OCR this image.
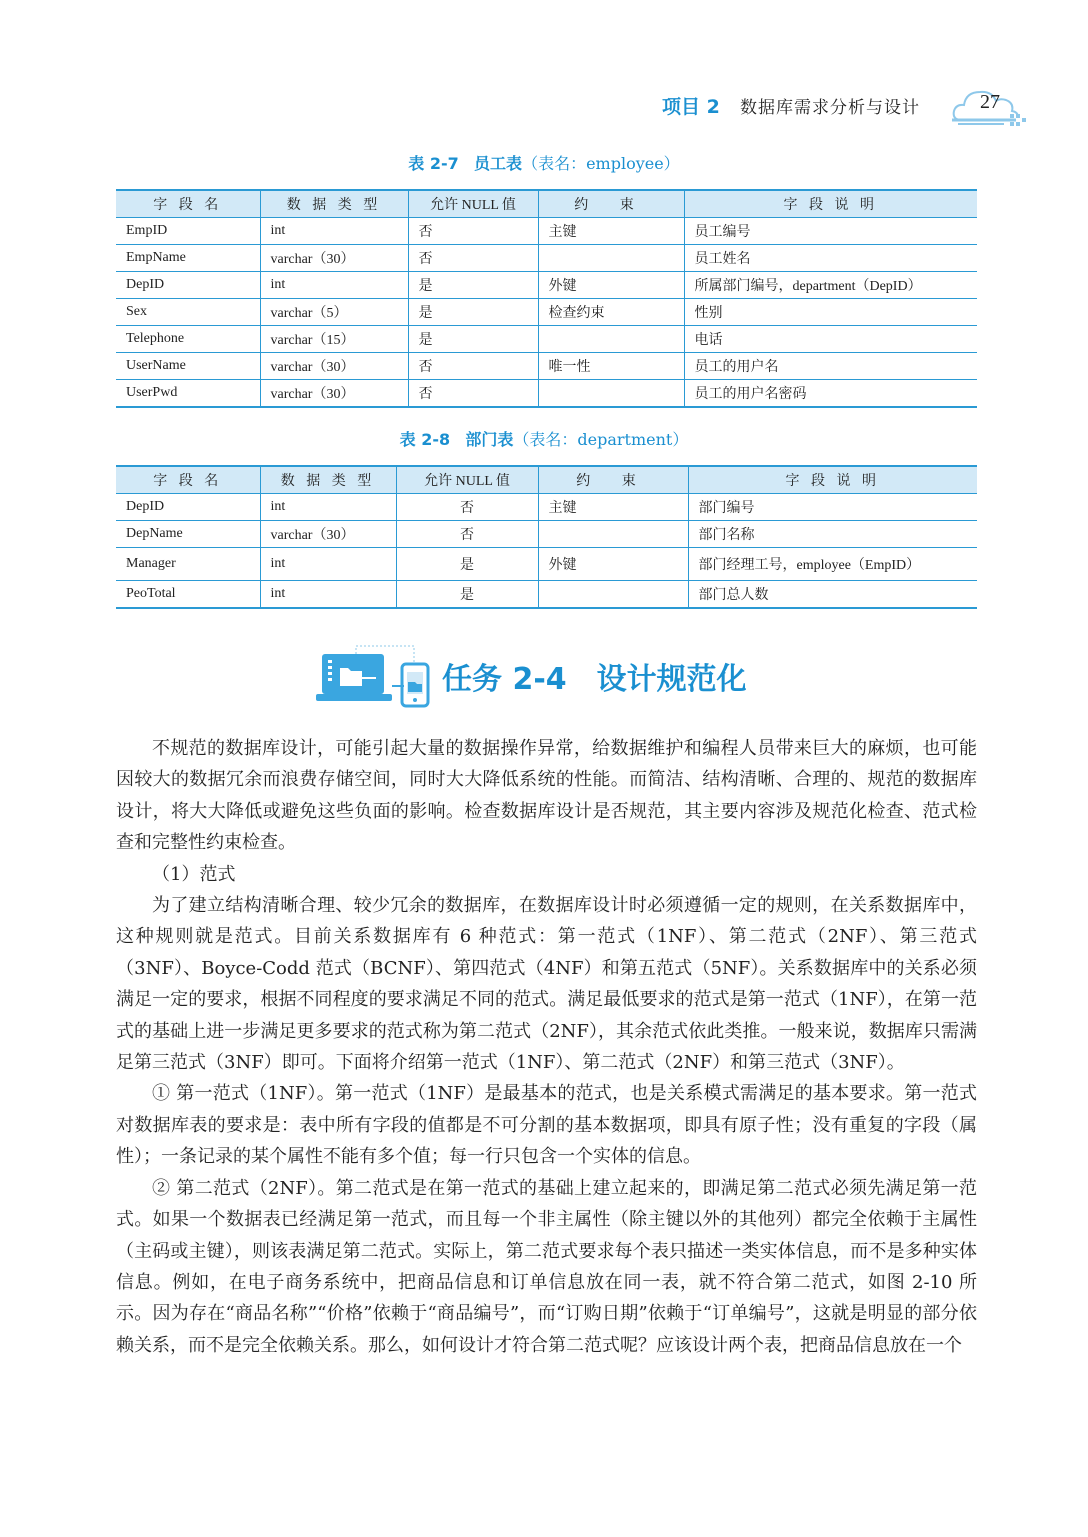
项目 2 数据库需求分析与设计	27
表 2-7 员工表（表名：employee）
字 段 名	数 据 类 型	允许 NULL 值	约 束	字 段 说 明
EmpID	int	否	主键	员工编号
EmpName	varchar（30）	否		员工姓名
DepID	int	是	外键	所属部门编号，department（DepID）
Sex	varchar（5）	是	检查约束	性别
Telephone	varchar（15）	是		电话
UserName	varchar（30）	否	唯一性	员工的用户名
UserPwd	varchar（30）	否		员工的用户名密码
表 2-8 部门表（表名：department）
字 段 名	数 据 类 型	允许 NULL 值	约 束	字 段 说 明
DepID	int	否	主键	部门编号
DepName	varchar（30）	否		部门名称
Manager	int	是	外键	部门经理工号，employee（EmpID）
PeoTotal	int	是		部门总人数
任务 2-4 设计规范化

不规范的数据库设计，可能引起大量的数据操作异常，给数据维护和编程人员带来巨大的麻烦，也可能因较大的数据冗余而浪费存储空间，同时大大降低系统的性能。而简洁、结构清晰、合理的、规范的数据库设计，将大大降低或避免这些负面的影响。检查数据库设计是否规范，其主要内容涉及规范化检查、范式检查和完整性约束检查。

（1）范式

为了建立结构清晰合理、较少冗余的数据库，在数据库设计时必须遵循一定的规则，在关系数据库中，这种规则就是范式。目前关系数据库有 6 种范式：第一范式（1NF）、第二范式（2NF）、第三范式（3NF）、Boyce-Codd 范式（BCNF）、第四范式（4NF）和第五范式（5NF）。关系数据库中的关系必须满足一定的要求，根据不同程度的要求满足不同的范式。满足最低要求的范式是第一范式（1NF），在第一范式的基础上进一步满足更多要求的范式称为第二范式（2NF），其余范式依此类推。一般来说，数据库只需满足第三范式（3NF）即可。下面将介绍第一范式（1NF）、第二范式（2NF）和第三范式（3NF）。

① 第一范式（1NF）。第一范式（1NF）是最基本的范式，也是关系模式需满足的基本要求。第一范式对数据库表的要求是：表中所有字段的值都是不可分割的基本数据项，即具有原子性；没有重复的字段（属性）；一条记录的某个属性不能有多个值；每一行只包含一个实体的信息。

② 第二范式（2NF）。第二范式是在第一范式的基础上建立起来的，即满足第二范式必须先满足第一范式。如果一个数据表已经满足第一范式，而且每一个非主属性（除主键以外的其他列）都完全依赖于主属性（主码或主键），则该表满足第二范式。实际上，第二范式要求每个表只描述一类实体信息，而不是多种实体信息。例如，在电子商务系统中，把商品信息和订单信息放在同一表，就不符合第二范式，如图 2-10 所示。因为存在“商品名称”“价格”依赖于“商品编号”，而“订购日期”依赖于“订单编号”，这就是明显的部分依赖关系，而不是完全依赖关系。那么，如何设计才符合第二范式呢？应该设计两个表，把商品信息放在一个
